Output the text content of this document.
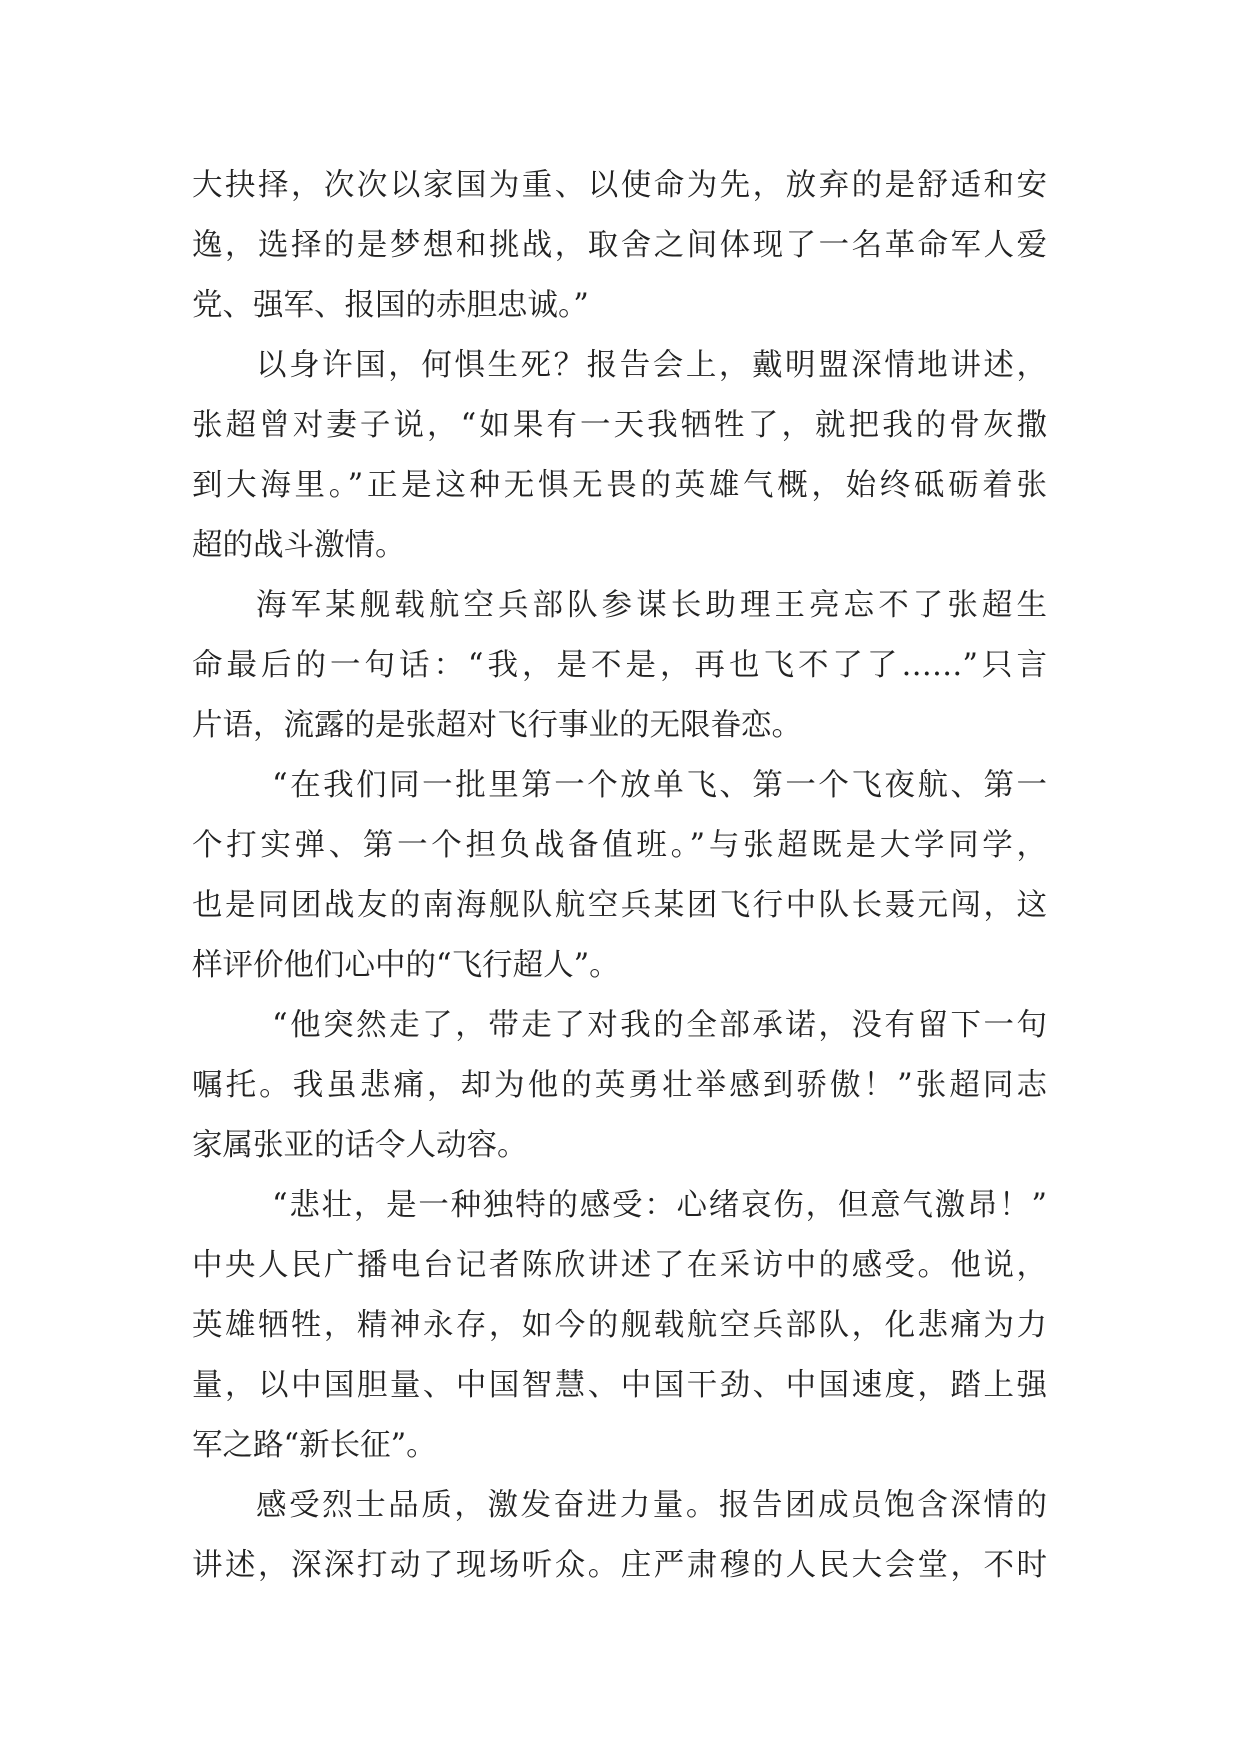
大抉择，次次以家国为重、以使命为先，放弃的是舒适和安
逸，选择的是梦想和挑战，取舍之间体现了一名革命军人爱
党、强军、报国的赤胆忠诚。”
以身许国，何惧生死？报告会上，戴明盟深情地讲述，
张超曾对妻子说，“如果有一天我牺牲了，就把我的骨灰撒
到大海里。”正是这种无惧无畏的英雄气概，始终砥砺着张
超的战斗激情。
海军某舰载航空兵部队参谋长助理王亮忘不了张超生
命最后的一句话：“我，是不是，再也飞不了了……”只言
片语，流露的是张超对飞行事业的无限眷恋。
“在我们同一批里第一个放单飞、第一个飞夜航、第一
个打实弹、第一个担负战备值班。”与张超既是大学同学，
也是同团战友的南海舰队航空兵某团飞行中队长聂元闯，这
样评价他们心中的“飞行超人”。
“他突然走了，带走了对我的全部承诺，没有留下一句
嘱托。我虽悲痛，却为他的英勇壮举感到骄傲！”张超同志
家属张亚的话令人动容。
“悲壮，是一种独特的感受：心绪哀伤，但意气激昂！”
中央人民广播电台记者陈欣讲述了在采访中的感受。他说，
英雄牺牲，精神永存，如今的舰载航空兵部队，化悲痛为力
量，以中国胆量、中国智慧、中国干劲、中国速度，踏上强
军之路“新长征”。
感受烈士品质，激发奋进力量。报告团成员饱含深情的
讲述，深深打动了现场听众。庄严肃穆的人民大会堂，不时
